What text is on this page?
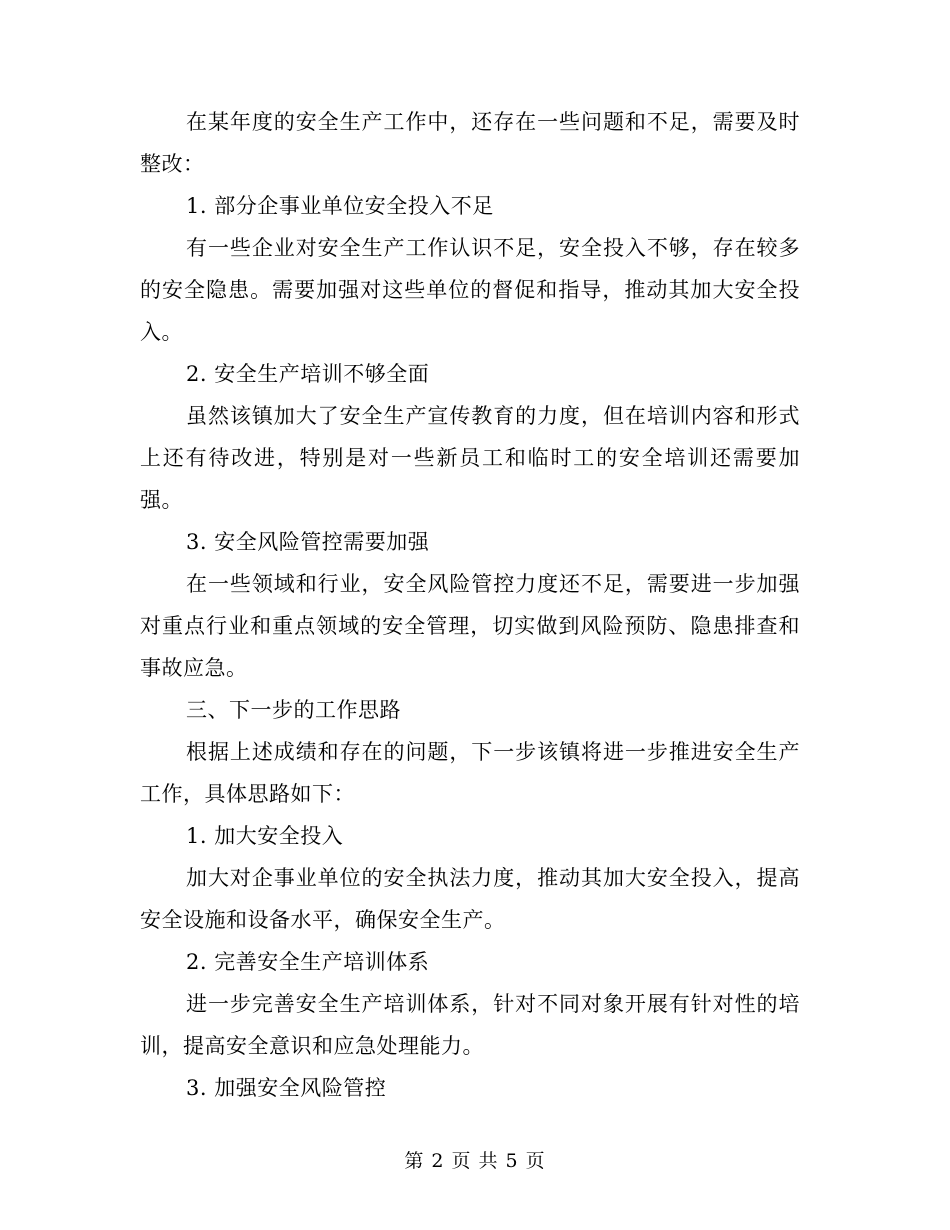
在某年度的安全生产工作中，还存在一些问题和不足，需要及时整改：

1. 部分企事业单位安全投入不足

有一些企业对安全生产工作认识不足，安全投入不够，存在较多的安全隐患。需要加强对这些单位的督促和指导，推动其加大安全投入。

2. 安全生产培训不够全面

虽然该镇加大了安全生产宣传教育的力度，但在培训内容和形式上还有待改进，特别是对一些新员工和临时工的安全培训还需要加强。

3. 安全风险管控需要加强

在一些领域和行业，安全风险管控力度还不足，需要进一步加强对重点行业和重点领域的安全管理，切实做到风险预防、隐患排查和事故应急。

三、下一步的工作思路

根据上述成绩和存在的问题，下一步该镇将进一步推进安全生产工作，具体思路如下：

1. 加大安全投入

加大对企事业单位的安全执法力度，推动其加大安全投入，提高安全设施和设备水平，确保安全生产。

2. 完善安全生产培训体系

进一步完善安全生产培训体系，针对不同对象开展有针对性的培训，提高安全意识和应急处理能力。

3. 加强安全风险管控

第 2 页 共 5 页
